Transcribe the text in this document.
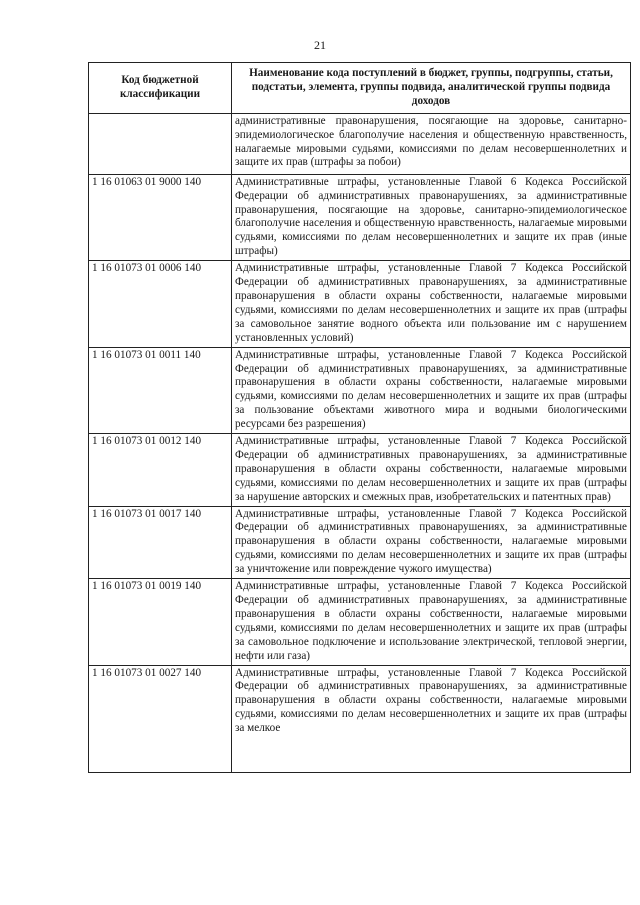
21
Код бюджетной классификации	Наименование кода поступлений в бюджет, группы, подгруппы, статьи, подстатьи, элемента, группы подвида, аналитической группы подвида доходов
	административные правонарушения, посягающие на здоровье, санитарно-эпидемиологическое благополучие населения и общественную нравственность, налагаемые мировыми судьями, комиссиями по делам несовершеннолетних и защите их прав (штрафы за побои)
1 16 01063 01 9000 140	Административные штрафы, установленные Главой 6 Кодекса Российской Федерации об административных правонарушениях, за административные правонарушения, посягающие на здоровье, санитарно-эпидемиологическое благополучие населения и общественную нравственность, налагаемые мировыми судьями, комиссиями по делам несовершеннолетних и защите их прав (иные штрафы)
1 16 01073 01 0006 140	Административные штрафы, установленные Главой 7 Кодекса Российской Федерации об административных правонарушениях, за административные правонарушения в области охраны собственности, налагаемые мировыми судьями, комиссиями по делам несовершеннолетних и защите их прав (штрафы за самовольное занятие водного объекта или пользование им с нарушением установленных условий)
1 16 01073 01 0011 140	Административные штрафы, установленные Главой 7 Кодекса Российской Федерации об административных правонарушениях, за административные правонарушения в области охраны собственности, налагаемые мировыми судьями, комиссиями по делам несовершеннолетних и защите их прав (штрафы за пользование объектами животного мира и водными биологическими ресурсами без разрешения)
1 16 01073 01 0012 140	Административные штрафы, установленные Главой 7 Кодекса Российской Федерации об административных правонарушениях, за административные правонарушения в области охраны собственности, налагаемые мировыми судьями, комиссиями по делам несовершеннолетних и защите их прав (штрафы за нарушение авторских и смежных прав, изобретательских и патентных прав)
1 16 01073 01 0017 140	Административные штрафы, установленные Главой 7 Кодекса Российской Федерации об административных правонарушениях, за административные правонарушения в области охраны собственности, налагаемые мировыми судьями, комиссиями по делам несовершеннолетних и защите их прав (штрафы за уничтожение или повреждение чужого имущества)
1 16 01073 01 0019 140	Административные штрафы, установленные Главой 7 Кодекса Российской Федерации об административных правонарушениях, за административные правонарушения в области охраны собственности, налагаемые мировыми судьями, комиссиями по делам несовершеннолетних и защите их прав (штрафы за самовольное подключение и использование электрической, тепловой энергии, нефти или газа)
1 16 01073 01 0027 140	Административные штрафы, установленные Главой 7 Кодекса Российской Федерации об административных правонарушениях, за административные правонарушения в области охраны собственности, налагаемые мировыми судьями, комиссиями по делам несовершеннолетних и защите их прав (штрафы за мелкое
